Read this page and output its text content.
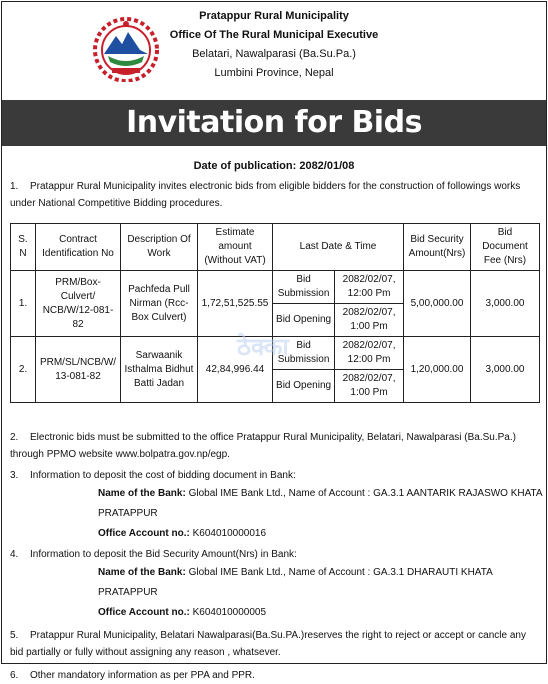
Pratappur Rural Municipality
Office Of The Rural Municipal Executive
Belatari, Nawalparasi (Ba.Su.Pa.)
Lumbini Province, Nepal
Invitation for Bids
Date of publication: 2082/01/08
1. Pratappur Rural Municipality invites electronic bids from eligible bidders for the construction of followings works under National Competitive Bidding procedures.
S. N	Contract Identification No	Description Of Work	Estimate amount (Without VAT)	Last Date & Time		Bid Security Amount(Nrs)	Bid Document Fee (Nrs)
1.	PRM/Box-Culvert/ NCB/W/12-081-82	Pachfeda Pull Nirman (Rcc-Box Culvert)	1,72,51,525.55	Bid Submission	2082/02/07, 12:00 Pm	5,00,000.00	3,000.00
				Bid Opening	2082/02/07, 1:00 Pm		
2.	PRM/SL/NCB/W/ 13-081-82	Sarwaanik Isthalma Bidhut Batti Jadan	42,84,996.44	Bid Submission	2082/02/07, 12:00 Pm	1,20,000.00	3,000.00
				Bid Opening	2082/02/07, 1:00 Pm		
2. Electronic bids must be submitted to the office Pratappur Rural Municipality, Belatari, Nawalparasi (Ba.Su.Pa.) through PPMO website www.bolpatra.gov.np/egp.
3. Information to deposit the cost of bidding document in Bank:
Name of the Bank: Global IME Bank Ltd., Name of Account : GA.3.1 AANTARIK RAJASWO KHATA PRATAPPUR
Office Account no.: K604010000016
4. Information to deposit the Bid Security Amount(Nrs) in Bank:
Name of the Bank: Global IME Bank Ltd., Name of Account : GA.3.1 DHARAUTI KHATA PRATAPPUR
Office Account no.: K604010000005
5. Pratappur Rural Municipality, Belatari Nawalparasi(Ba.Su.PA.)reserves the right to reject or accept or cancle any bid partially or fully without assigning any reason , whatsever.
6. Other mandatory information as per PPA and PPR.
ठेक्का
